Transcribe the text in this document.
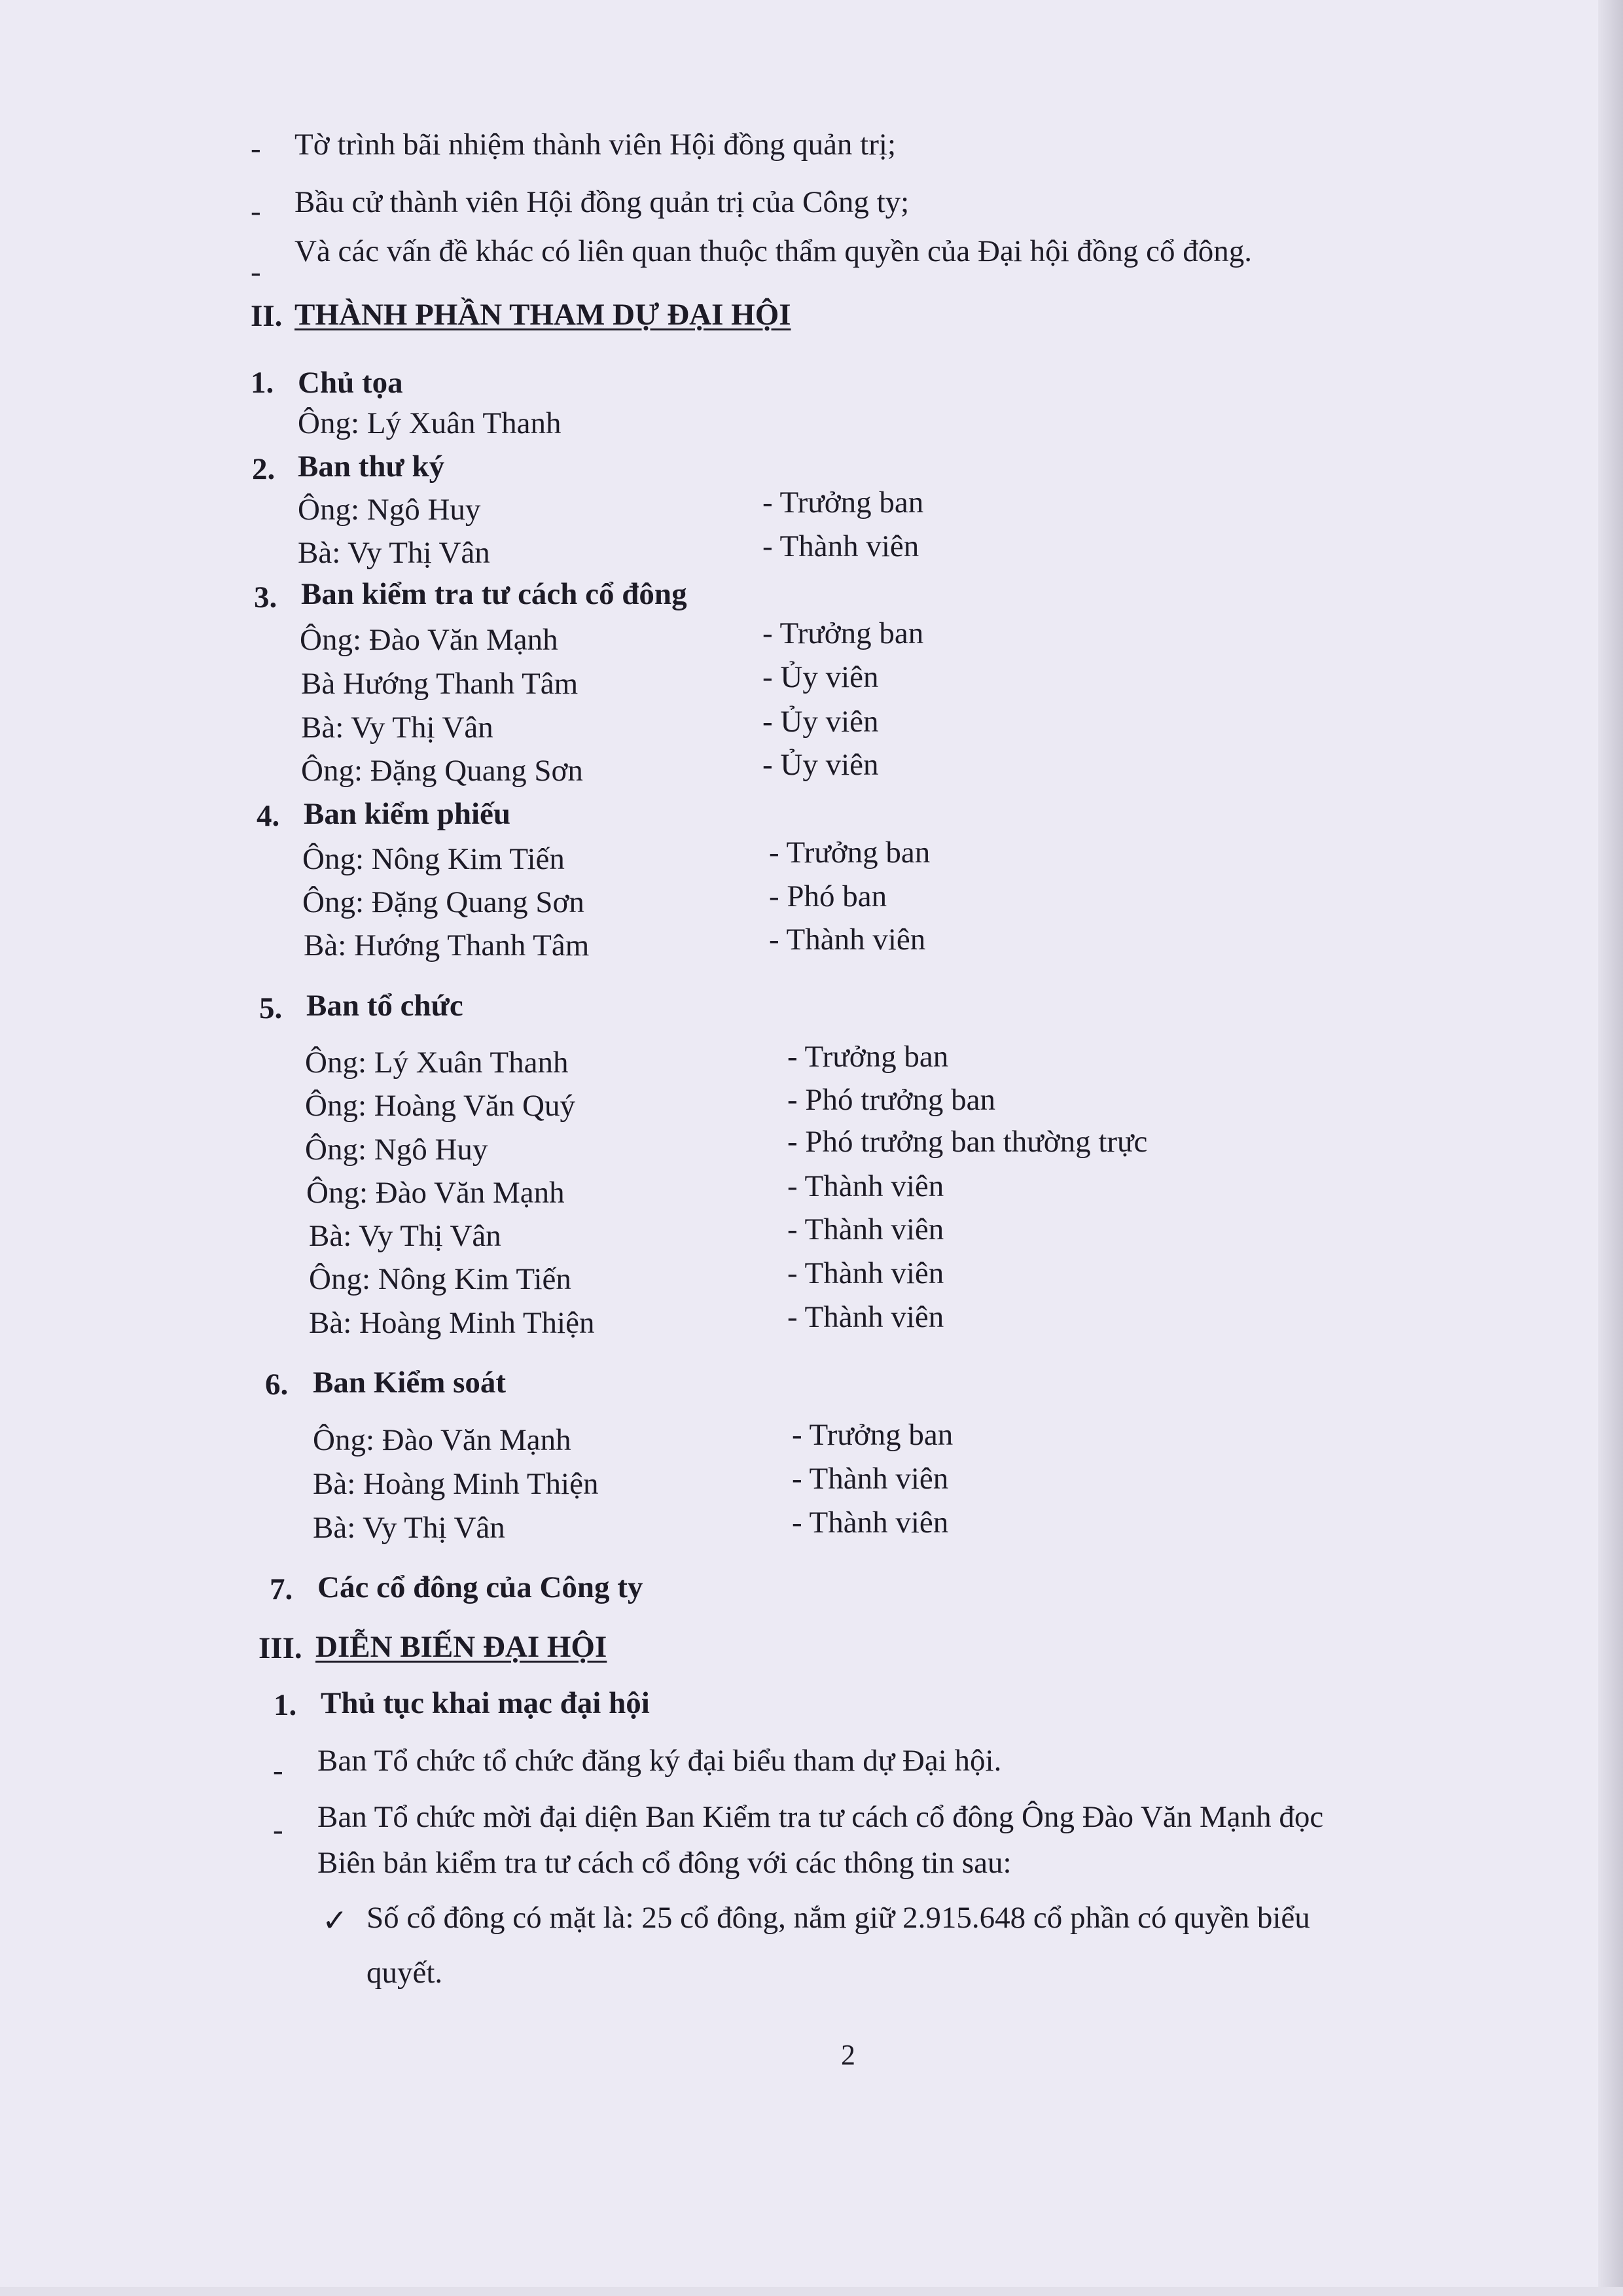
- Tờ trình bãi nhiệm thành viên Hội đồng quản trị;
- Bầu cử thành viên Hội đồng quản trị của Công ty;
-
Và các vấn đề khác có liên quan thuộc thẩm quyền của Đại hội đồng cổ đông.
II. THÀNH PHẦN THAM DỰ ĐẠI HỘI
1. Chủ tọa
Ông: Lý Xuân Thanh
2. Ban thư ký
Ông: Ngô Huy	- Trưởng ban
Bà: Vy Thị Vân	- Thành viên
3. Ban kiểm tra tư cách cổ đông
Ông: Đào Văn Mạnh	- Trưởng ban
Bà Hướng Thanh Tâm	- Ủy viên
Bà: Vy Thị Vân	- Ủy viên
Ông: Đặng Quang Sơn	- Ủy viên
4. Ban kiểm phiếu
Ông: Nông Kim Tiến	- Trưởng ban
Ông: Đặng Quang Sơn	- Phó ban
Bà: Hướng Thanh Tâm	- Thành viên
5. Ban tổ chức
Ông: Lý Xuân Thanh	- Trưởng ban
Ông: Hoàng Văn Quý	- Phó trưởng ban
Ông: Ngô Huy	- Phó trưởng ban thường trực
Ông: Đào Văn Mạnh	- Thành viên
Bà: Vy Thị Vân	- Thành viên
Ông: Nông Kim Tiến	- Thành viên
Bà: Hoàng Minh Thiện	- Thành viên
6. Ban Kiểm soát
Ông: Đào Văn Mạnh	- Trưởng ban
Bà: Hoàng Minh Thiện	- Thành viên
Bà: Vy Thị Vân	- Thành viên
7. Các cổ đông của Công ty
III. DIỄN BIẾN ĐẠI HỘI
1. Thủ tục khai mạc đại hội
- Ban Tổ chức tổ chức đăng ký đại biểu tham dự Đại hội.
- Ban Tổ chức mời đại diện Ban Kiểm tra tư cách cổ đông Ông Đào Văn Mạnh đọc
Biên bản kiểm tra tư cách cổ đông với các thông tin sau:
✓ Số cổ đông có mặt là: 25 cổ đông, nắm giữ 2.915.648 cổ phần có quyền biểu
quyết.
2
